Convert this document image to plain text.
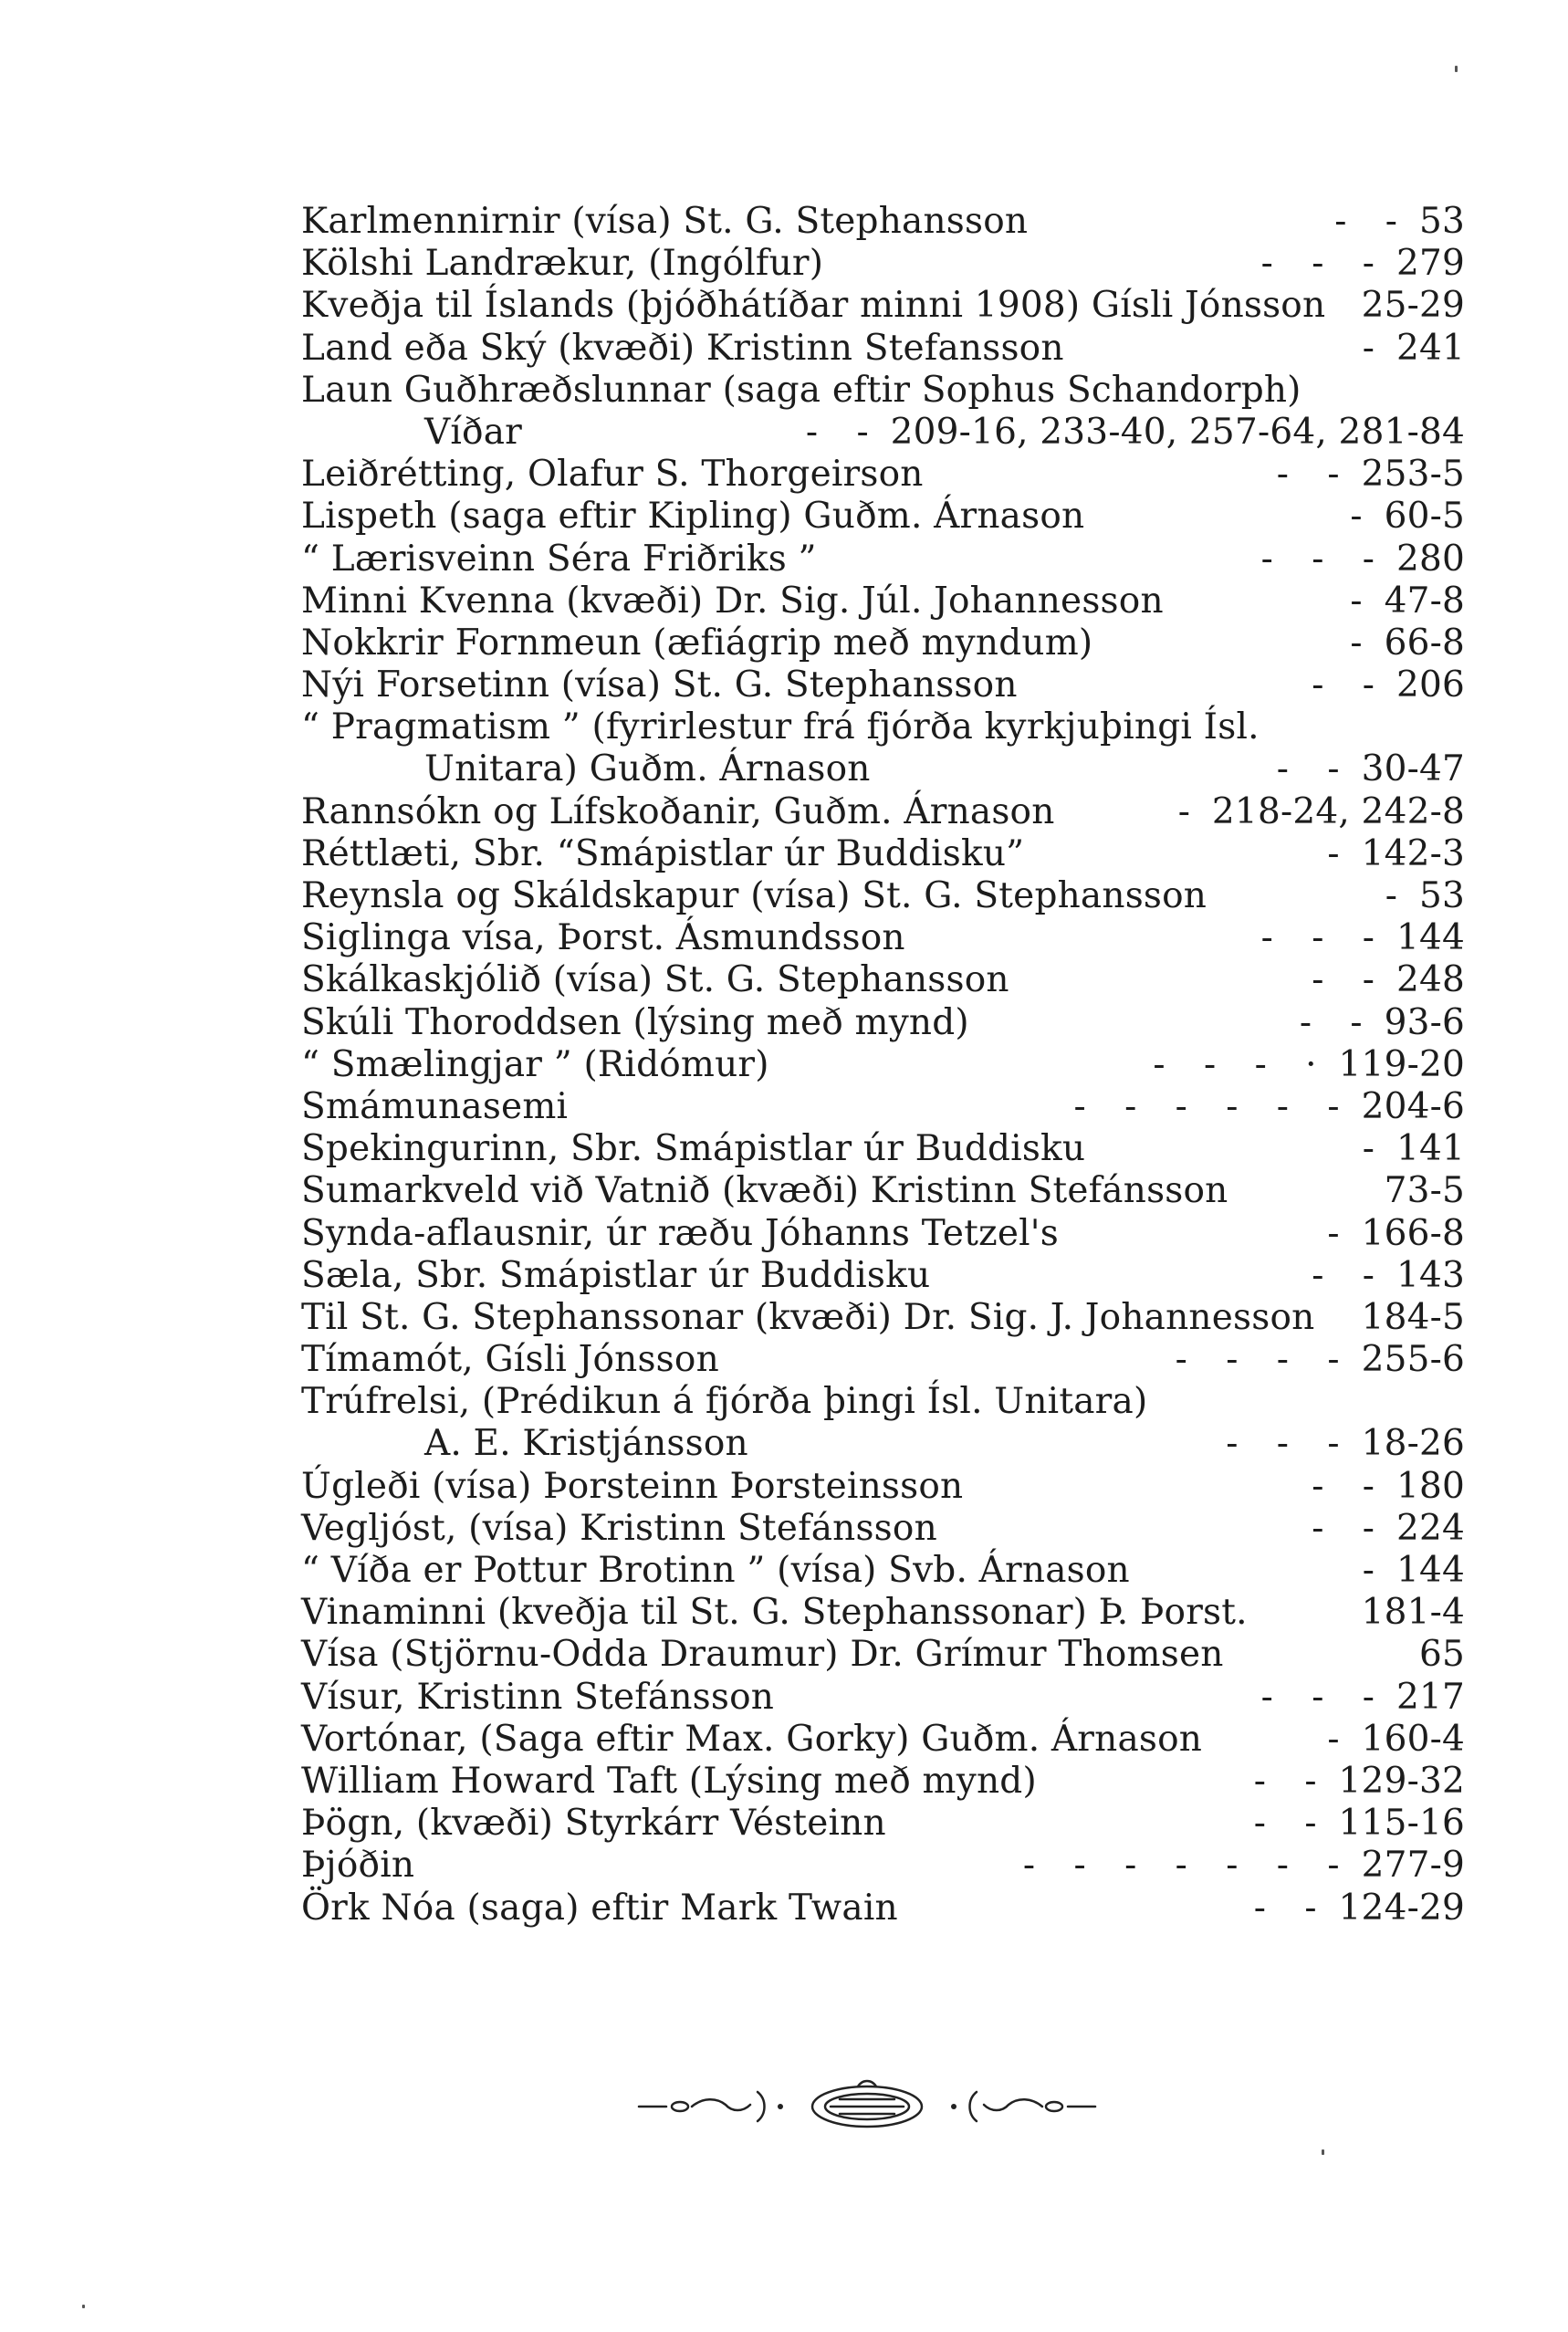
Karlmennirnir (vísa) St. G. Stephansson	- - 53
Kölshi Landrækur, (Ingólfur)	- - - 279
Kveðja til Íslands (þjóðhátíðar minni 1908) Gísli Jónsson 25-29
Land eða Ský (kvæði) Kristinn Stefansson	- 241
Laun Guðhræðslunnar (saga eftir Sophus Schandorph)
Víðar	- - 209-16, 233-40, 257-64, 281-84
Leiðrétting, Olafur S. Thorgeirson	- - 253-5
Lispeth (saga eftir Kipling) Guðm. Árnason	- 60-5
“ Lærisveinn Séra Friðriks ”	- - - 280
Minni Kvenna (kvæði) Dr. Sig. Júl. Johannesson	- 47-8
Nokkrir Fornmeun (æfiágrip með myndum)	- 66-8
Nýi Forsetinn (vísa) St. G. Stephansson	- - 206
“ Pragmatism ” (fyrirlestur frá fjórða kyrkjuþingi Ísl.
Unitara) Guðm. Árnason	- - 30-47
Rannsókn og Lífskoðanir, Guðm. Árnason	- 218-24, 242-8
Réttlæti, Sbr. “Smápistlar úr Buddisku”	- 142-3
Reynsla og Skáldskapur (vísa) St. G. Stephansson	- 53
Siglinga vísa, Þorst. Ásmundsson	- - - 144
Skálkaskjólið (vísa) St. G. Stephansson	- - 248
Skúli Thoroddsen (lýsing með mynd)	- - 93-6
“ Smælingjar ” (Ridómur)	- - - · 119-20
Smámunasemi	- - - - - - 204-6
Spekingurinn, Sbr. Smápistlar úr Buddisku	- 141
Sumarkveld við Vatnið (kvæði) Kristinn Stefánsson	73-5
Synda-aflausnir, úr ræðu Jóhanns Tetzel's	- 166-8
Sæla, Sbr. Smápistlar úr Buddisku	- - 143
Til St. G. Stephanssonar (kvæði) Dr. Sig. J. Johannesson 184-5
Tímamót, Gísli Jónsson	- - - - 255-6
Trúfrelsi, (Prédikun á fjórða þingi Ísl. Unitara)
A. E. Kristjánsson	- - - 18-26
Úgleði (vísa) Þorsteinn Þorsteinsson	- - 180
Vegljóst, (vísa) Kristinn Stefánsson	- - 224
“ Víða er Pottur Brotinn ” (vísa) Svb. Árnason	- 144
Vinaminni (kveðja til St. G. Stephanssonar) Þ. Þorst.	181-4
Vísa (Stjörnu-Odda Draumur) Dr. Grímur Thomsen	65
Vísur, Kristinn Stefánsson	- - - 217
Vortónar, (Saga eftir Max. Gorky) Guðm. Árnason	- 160-4
William Howard Taft (Lýsing með mynd)	- - 129-32
Þögn, (kvæði) Styrkárr Vésteinn	- - 115-16
Þjóðin	- - - - - - - 277-9
Örk Nóa (saga) eftir Mark Twain	- - 124-29
